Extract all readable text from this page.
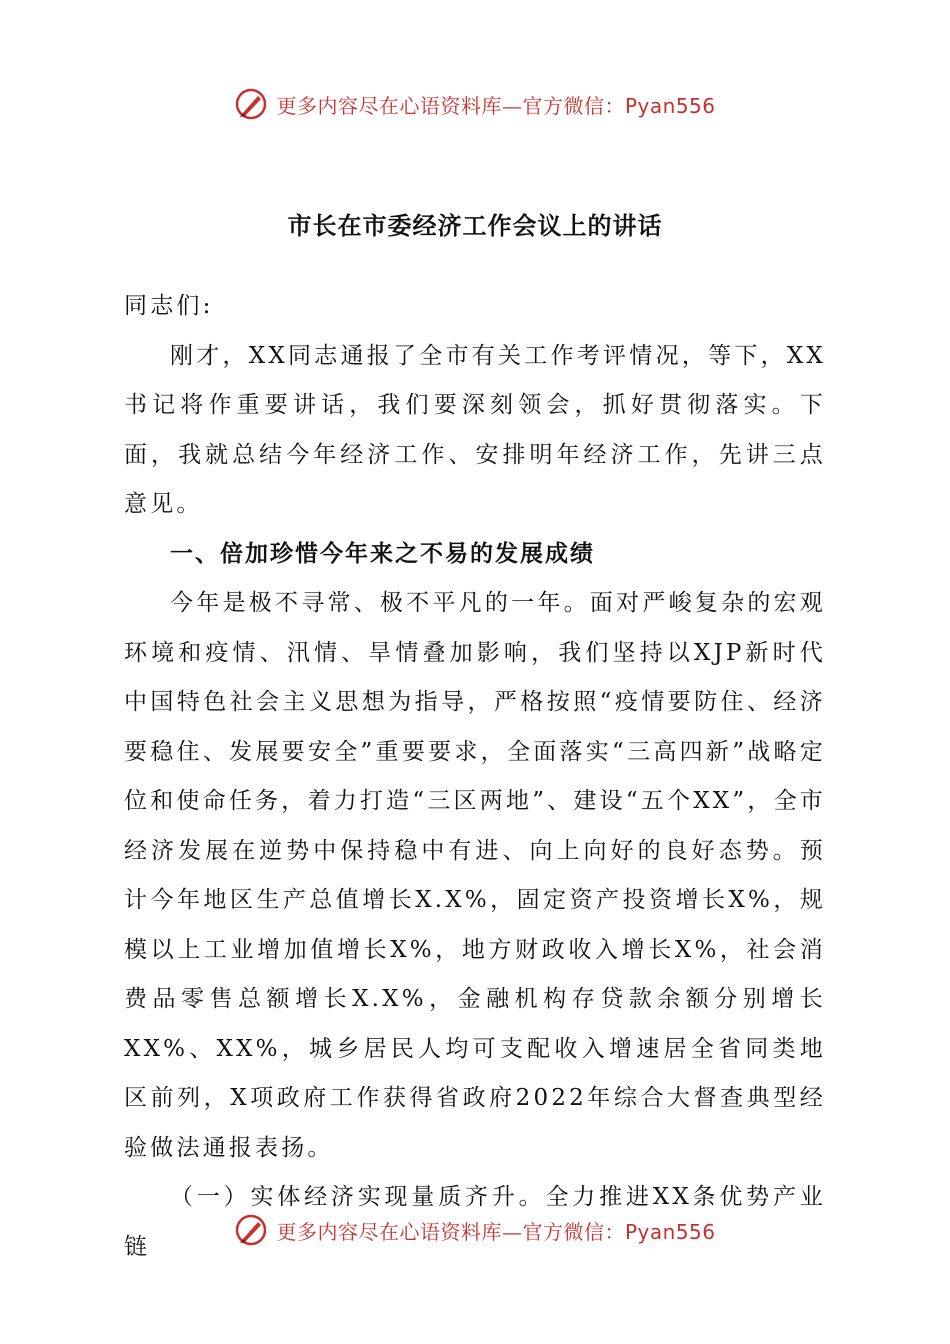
更多内容尽在心语资料库—官方微信：Pyan556
市长在市委经济工作会议上的讲话

同志们:

刚才，XX同志通报了全市有关工作考评情况，等下，XX书记将作重要讲话，我们要深刻领会，抓好贯彻落实。下面，我就总结今年经济工作、安排明年经济工作，先讲三点意见。

一、倍加珍惜今年来之不易的发展成绩

今年是极不寻常、极不平凡的一年。面对严峻复杂的宏观环境和疫情、汛情、旱情叠加影响，我们坚持以XJP新时代中国特色社会主义思想为指导，严格按照“疫情要防住、经济要稳住、发展要安全”重要要求，全面落实“三高四新”战略定位和使命任务，着力打造“三区两地”、建设“五个XX”，全市经济发展在逆势中保持稳中有进、向上向好的良好态势。预计今年地区生产总值增长X.X%，固定资产投资增长X%，规模以上工业增加值增长X%，地方财政收入增长X%，社会消费品零售总额增长X.X%，金融机构存贷款余额分别增长XX%、XX%，城乡居民人均可支配收入增速居全省同类地区前列，X项政府工作获得省政府2022年综合大督查典型经验做法通报表扬。

（一）实体经济实现量质齐升。全力推进XX条优势产业链

更多内容尽在心语资料库—官方微信：Pyan556
